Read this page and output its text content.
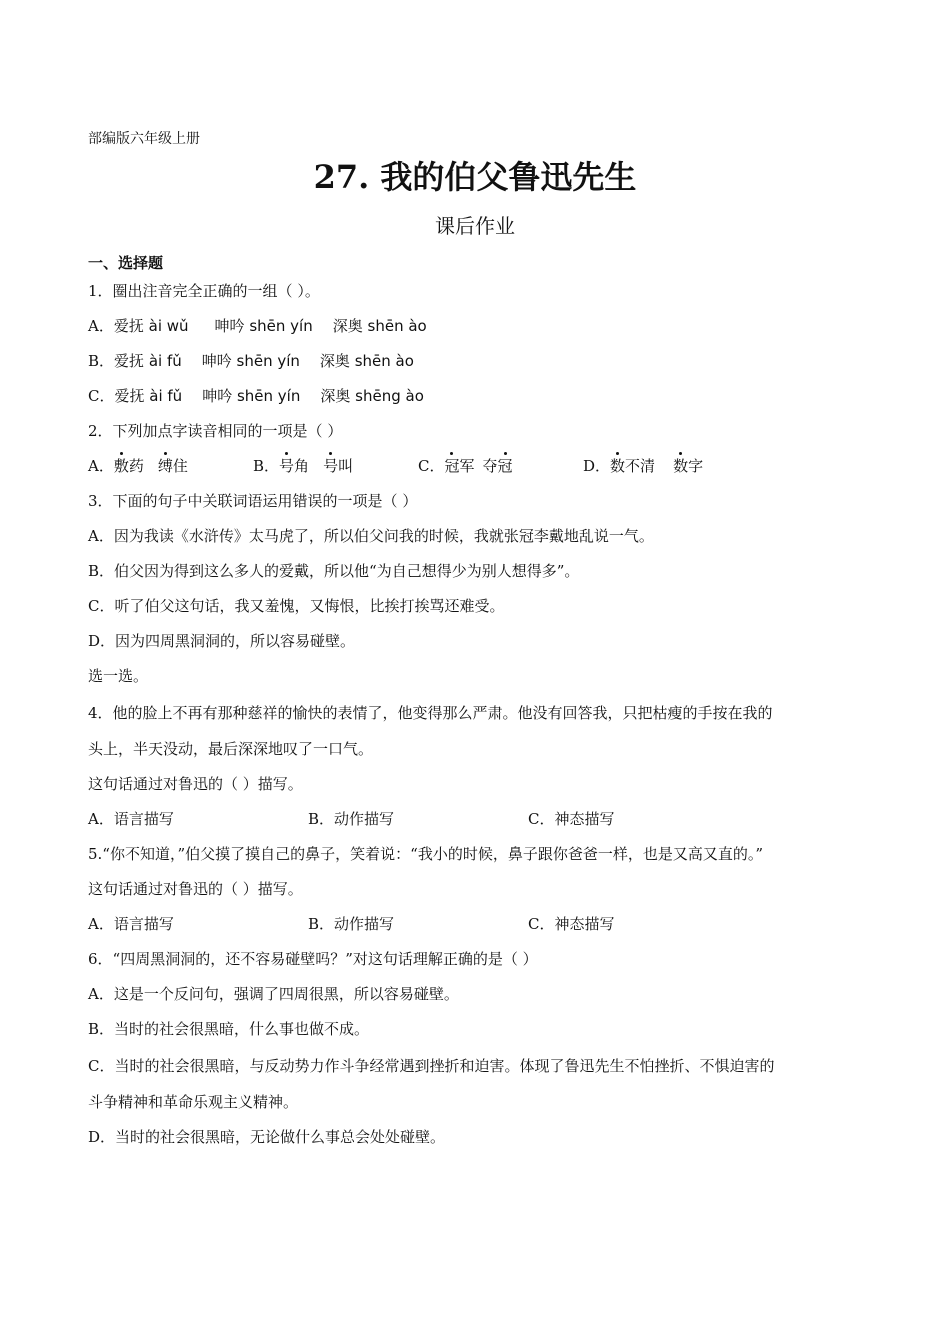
部编版六年级上册
27. 我的伯父鲁迅先生
课后作业
一、选择题
1．圈出注音完全正确的一组（ ）。
A．爱抚 ài wǔ 呻吟 shēn yín 深奥 shēn ào
B．爱抚 ài fǔ 呻吟 shēn yín 深奥 shēn ào
C．爱抚 ài fǔ 呻吟 shēn yín 深奥 shēng ào
2．下列加点字读音相同的一项是（ ）
A．敷药 缚住	B．号角 号叫	C．冠军 夺冠	D．数不清 数字
3．下面的句子中关联词语运用错误的一项是（ ）
A．因为我读《水浒传》太马虎了，所以伯父问我的时候，我就张冠李戴地乱说一气。
B．伯父因为得到这么多人的爱戴，所以他“为自己想得少为别人想得多”。
C．听了伯父这句话，我又羞愧，又悔恨，比挨打挨骂还难受。
D．因为四周黑洞洞的，所以容易碰壁。
选一选。
4．他的脸上不再有那种慈祥的愉快的表情了，他变得那么严肃。他没有回答我，只把枯瘦的手按在我的
头上，半天没动，最后深深地叹了一口气。
这句话通过对鲁迅的（ ）描写。
A．语言描写	B．动作描写	C．神态描写
5.“你不知道，”伯父摸了摸自己的鼻子，笑着说：“我小的时候，鼻子跟你爸爸一样，也是又高又直的。”
这句话通过对鲁迅的（ ）描写。
A．语言描写	B．动作描写	C．神态描写
6．“四周黑洞洞的，还不容易碰壁吗？”对这句话理解正确的是（ ）
A．这是一个反问句，强调了四周很黑，所以容易碰壁。
B．当时的社会很黑暗，什么事也做不成。
C．当时的社会很黑暗，与反动势力作斗争经常遇到挫折和迫害。体现了鲁迅先生不怕挫折、不惧迫害的
斗争精神和革命乐观主义精神。
D．当时的社会很黑暗，无论做什么事总会处处碰壁。
